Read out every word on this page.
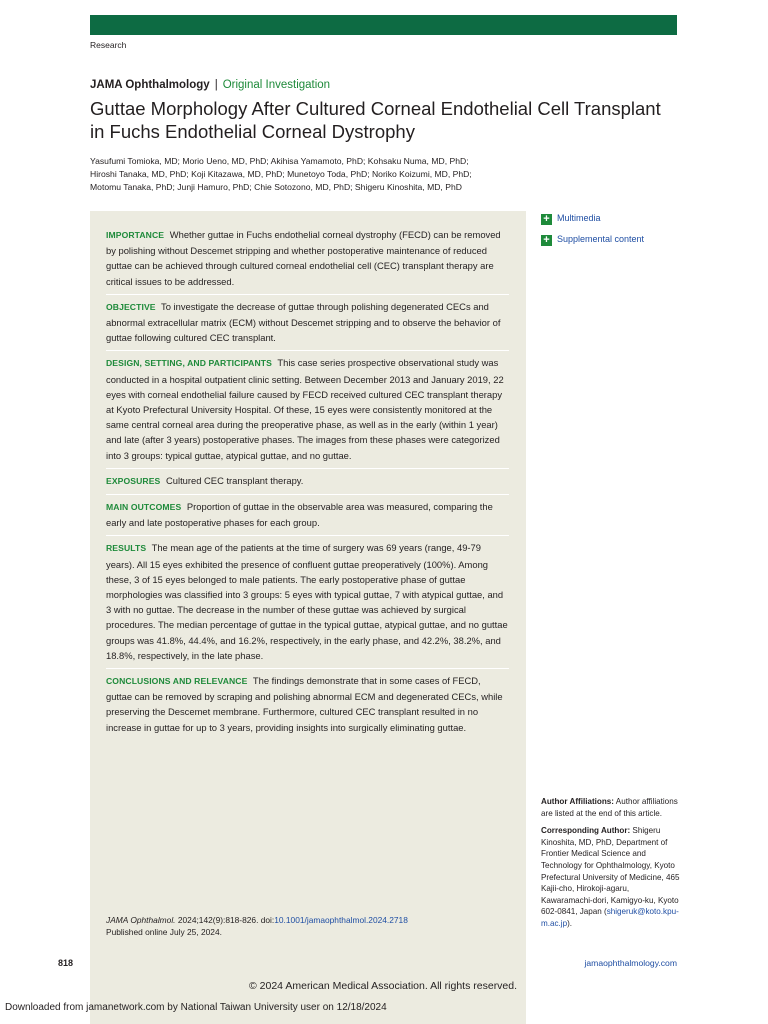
Research
JAMA Ophthalmology | Original Investigation
Guttae Morphology After Cultured Corneal Endothelial Cell Transplant in Fuchs Endothelial Corneal Dystrophy

Yasufumi Tomioka, MD; Morio Ueno, MD, PhD; Akihisa Yamamoto, PhD; Kohsaku Numa, MD, PhD;
Hiroshi Tanaka, MD, PhD; Koji Kitazawa, MD, PhD; Munetoyo Toda, PhD; Noriko Koizumi, MD, PhD;
Motomu Tanaka, PhD; Junji Hamuro, PhD; Chie Sotozono, MD, PhD; Shigeru Kinoshita, MD, PhD

IMPORTANCE Whether guttae in Fuchs endothelial corneal dystrophy (FECD) can be removed by polishing without Descemet stripping and whether postoperative maintenance of reduced guttae can be achieved through cultured corneal endothelial cell (CEC) transplant therapy are critical issues to be addressed.
OBJECTIVE To investigate the decrease of guttae through polishing degenerated CECs and abnormal extracellular matrix (ECM) without Descemet stripping and to observe the behavior of guttae following cultured CEC transplant.
DESIGN, SETTING, AND PARTICIPANTS This case series prospective observational study was conducted in a hospital outpatient clinic setting. Between December 2013 and January 2019, 22 eyes with corneal endothelial failure caused by FECD received cultured CEC transplant therapy at Kyoto Prefectural University Hospital. Of these, 15 eyes were consistently monitored at the same central corneal area during the preoperative phase, as well as in the early (within 1 year) and late (after 3 years) postoperative phases. The images from these phases were categorized into 3 groups: typical guttae, atypical guttae, and no guttae.
EXPOSURES Cultured CEC transplant therapy.
MAIN OUTCOMES Proportion of guttae in the observable area was measured, comparing the early and late postoperative phases for each group.
RESULTS The mean age of the patients at the time of surgery was 69 years (range, 49-79 years). All 15 eyes exhibited the presence of confluent guttae preoperatively (100%). Among these, 3 of 15 eyes belonged to male patients. The early postoperative phase of guttae morphologies was classified into 3 groups: 5 eyes with typical guttae, 7 with atypical guttae, and 3 with no guttae. The decrease in the number of these guttae was achieved by surgical procedures. The median percentage of guttae in the typical guttae, atypical guttae, and no guttae groups was 41.8%, 44.4%, and 16.2%, respectively, in the early phase, and 42.2%, 38.2%, and 18.8%, respectively, in the late phase.
CONCLUSIONS AND RELEVANCE The findings demonstrate that in some cases of FECD, guttae can be removed by scraping and polishing abnormal ECM and degenerated CECs, while preserving the Descemet membrane. Furthermore, cultured CEC transplant resulted in no increase in guttae for up to 3 years, providing insights into surgically eliminating guttae.
+ Multimedia
+ Supplemental content

Author Affiliations: Author affiliations are listed at the end of this article.

Corresponding Author: Shigeru Kinoshita, MD, PhD, Department of Frontier Medical Science and Technology for Ophthalmology, Kyoto Prefectural University of Medicine, 465 Kajii-cho, Hirokoji-agaru, Kawaramachi-dori, Kamigyo-ku, Kyoto 602-0841, Japan (shigeruk@koto.kpu-m.ac.jp).

JAMA Ophthalmol. 2024;142(9):818-826. doi:10.1001/jamaophthalmol.2024.2718
Published online July 25, 2024.
818	jamaophthalmology.com
© 2024 American Medical Association. All rights reserved.
Downloaded from jamanetwork.com by National Taiwan University user on 12/18/2024
